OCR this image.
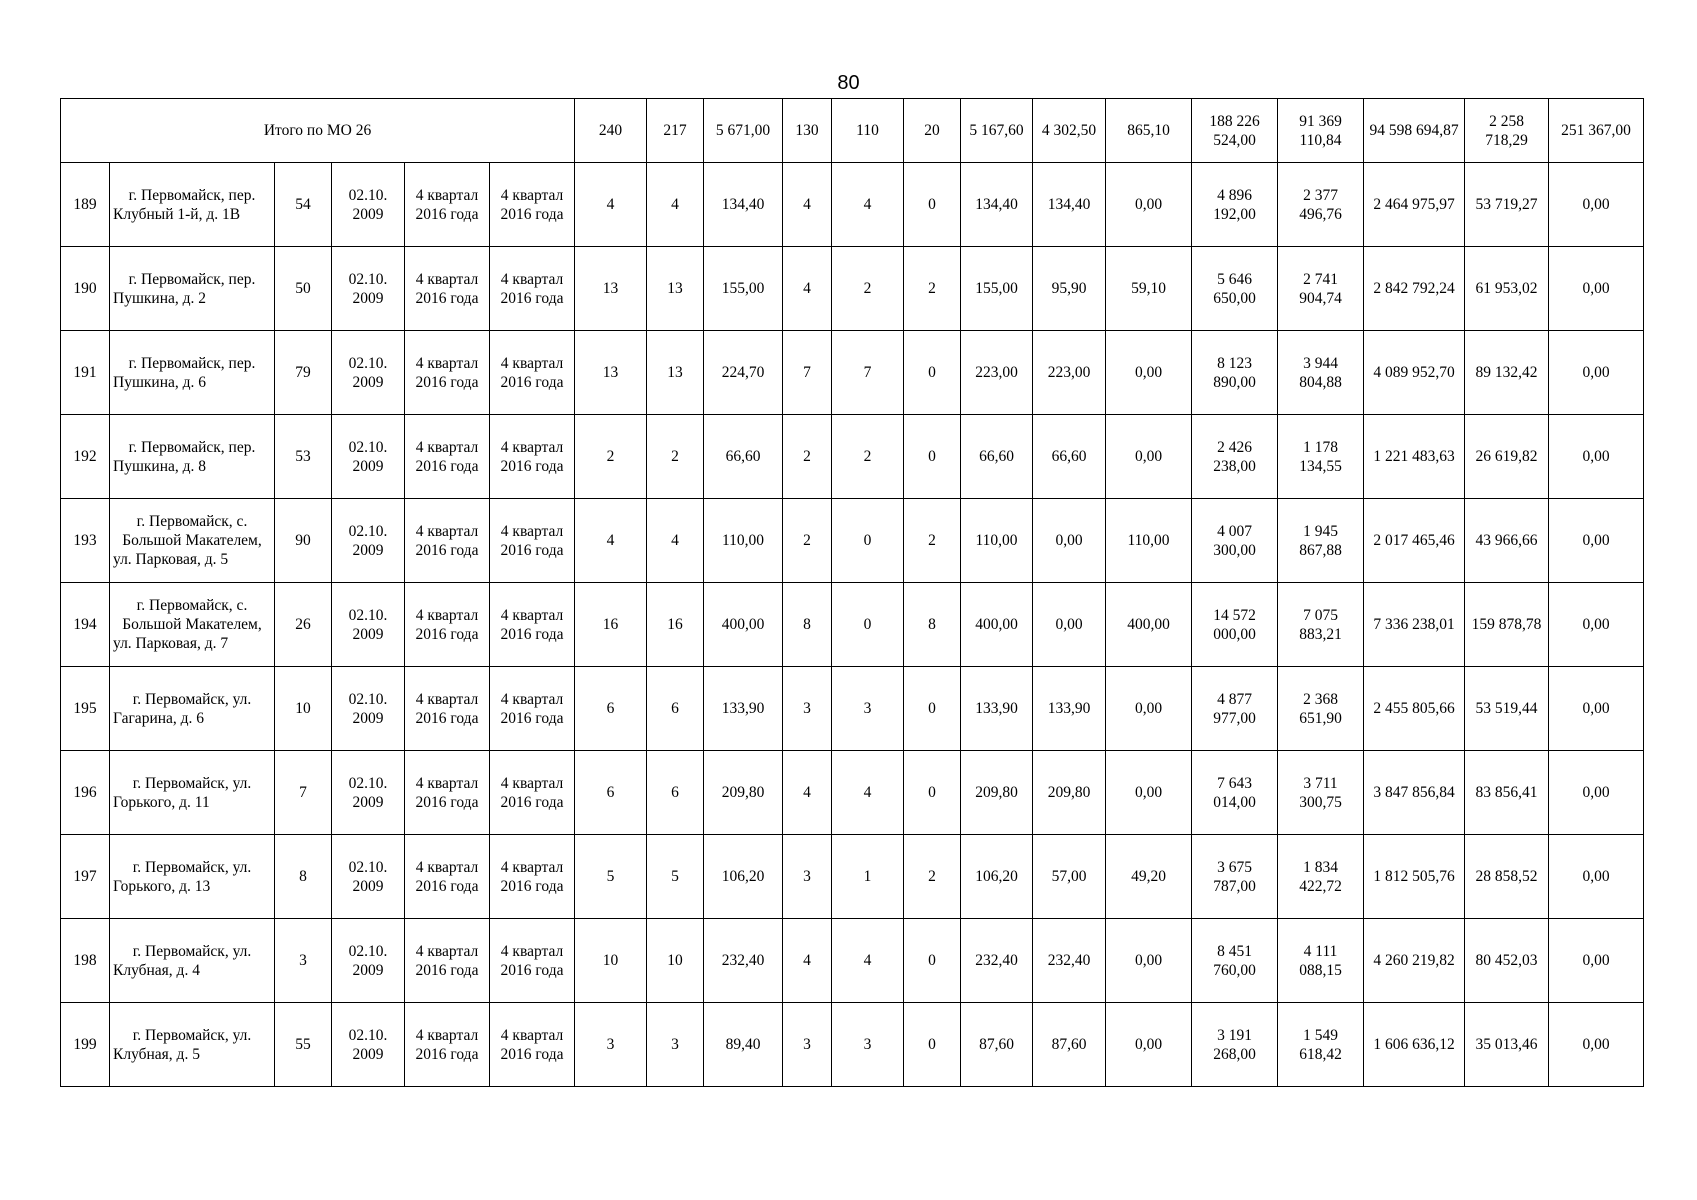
80
Итого по МО 26						240	217	5 671,00	130	110	20	5 167,60	4 302,50	865,10	188 226 524,00	91 369 110,84	94 598 694,87	2 258 718,29	251 367,00
189	г. Первомайск, пер. Клубный 1-й, д. 1В	54	02.10. 2009	4 квартал 2016 года	4 квартал 2016 года	4	4	134,40	4	4	0	134,40	134,40	0,00	4 896 192,00	2 377 496,76	2 464 975,97	53 719,27	0,00
190	г. Первомайск, пер. Пушкина, д. 2	50	02.10. 2009	4 квартал 2016 года	4 квартал 2016 года	13	13	155,00	4	2	2	155,00	95,90	59,10	5 646 650,00	2 741 904,74	2 842 792,24	61 953,02	0,00
191	г. Первомайск, пер. Пушкина, д. 6	79	02.10. 2009	4 квартал 2016 года	4 квартал 2016 года	13	13	224,70	7	7	0	223,00	223,00	0,00	8 123 890,00	3 944 804,88	4 089 952,70	89 132,42	0,00
192	г. Первомайск, пер. Пушкина, д. 8	53	02.10. 2009	4 квартал 2016 года	4 квартал 2016 года	2	2	66,60	2	2	0	66,60	66,60	0,00	2 426 238,00	1 178 134,55	1 221 483,63	26 619,82	0,00
193	г. Первомайск, с. Большой Макателем, ул. Парковая, д. 5	90	02.10. 2009	4 квартал 2016 года	4 квартал 2016 года	4	4	110,00	2	0	2	110,00	0,00	110,00	4 007 300,00	1 945 867,88	2 017 465,46	43 966,66	0,00
194	г. Первомайск, с. Большой Макателем, ул. Парковая, д. 7	26	02.10. 2009	4 квартал 2016 года	4 квартал 2016 года	16	16	400,00	8	0	8	400,00	0,00	400,00	14 572 000,00	7 075 883,21	7 336 238,01	159 878,78	0,00
195	г. Первомайск, ул. Гагарина, д. 6	10	02.10. 2009	4 квартал 2016 года	4 квартал 2016 года	6	6	133,90	3	3	0	133,90	133,90	0,00	4 877 977,00	2 368 651,90	2 455 805,66	53 519,44	0,00
196	г. Первомайск, ул. Горького, д. 11	7	02.10. 2009	4 квартал 2016 года	4 квартал 2016 года	6	6	209,80	4	4	0	209,80	209,80	0,00	7 643 014,00	3 711 300,75	3 847 856,84	83 856,41	0,00
197	г. Первомайск, ул. Горького, д. 13	8	02.10. 2009	4 квартал 2016 года	4 квартал 2016 года	5	5	106,20	3	1	2	106,20	57,00	49,20	3 675 787,00	1 834 422,72	1 812 505,76	28 858,52	0,00
198	г. Первомайск, ул. Клубная, д. 4	3	02.10. 2009	4 квартал 2016 года	4 квартал 2016 года	10	10	232,40	4	4	0	232,40	232,40	0,00	8 451 760,00	4 111 088,15	4 260 219,82	80 452,03	0,00
199	г. Первомайск, ул. Клубная, д. 5	55	02.10. 2009	4 квартал 2016 года	4 квартал 2016 года	3	3	89,40	3	3	0	87,60	87,60	0,00	3 191 268,00	1 549 618,42	1 606 636,12	35 013,46	0,00
